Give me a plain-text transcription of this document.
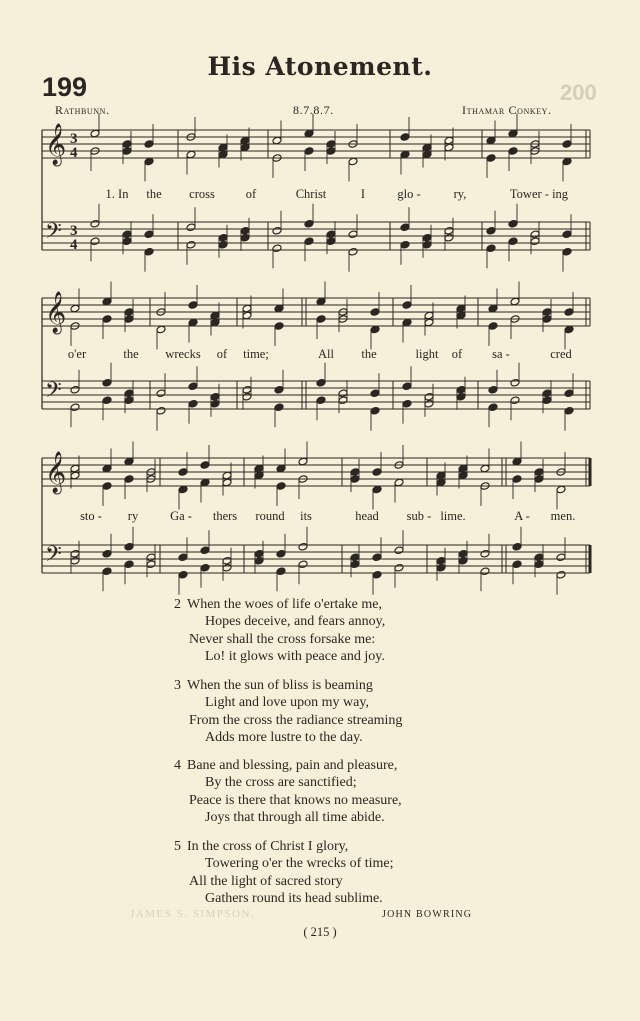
His Atonement.
199	200
Rathbunn.	8.7.8.7.	Ithamar Conkey.
𝄞
𝄢
3
4
3
4
𝄞
𝄢
𝄞
𝄢
1. In the cross of	Christ	I	glo -	ry,	Tower - ing
o'er	the wrecks of time;	All the	light of sa -	cred
sto - ry	Ga - thers round its	head sub - lime.	A - men.
2 When the woes of life o'ertake me,
Hopes deceive, and fears annoy,
Never shall the cross forsake me:
Lo! it glows with peace and joy.
3 When the sun of bliss is beaming
Light and love upon my way,
From the cross the radiance streaming
Adds more lustre to the day.
4 Bane and blessing, pain and pleasure,
By the cross are sanctified;
Peace is there that knows no measure,
Joys that through all time abide.
5 In the cross of Christ I glory,
Towering o'er the wrecks of time;
All the light of sacred story
Gathers round its head sublime.
JAMES S. SIMPSON.	JOHN BOWRING
( 215 )
